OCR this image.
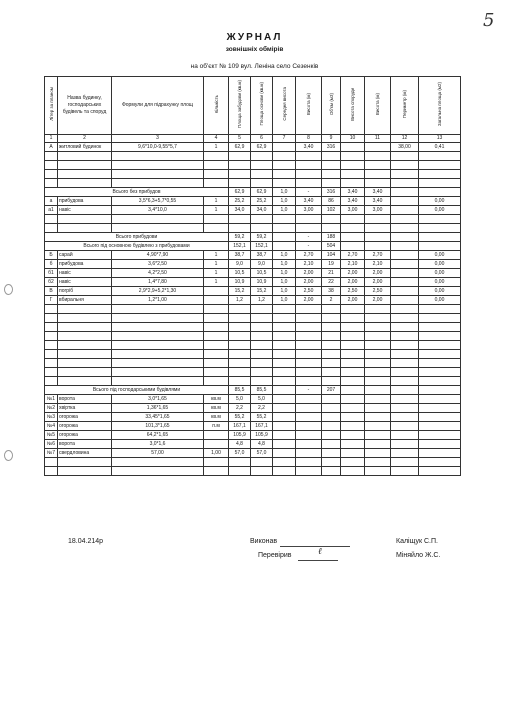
5
ЖУРНАЛ
зовнішніх обмірів
на об'єкт № 109 вул. Леніна село Сезенків
Літер за планом	Назва будинку, господарських будівель та споруд	Формули для підрахунку площ	Кількість	Площа забудови (кв.м)	Площа основи (кв.м)	Середня висота	Висота (м)	Об'єм (м3)	Висота споруди	Висота (м)	Периметр (м)	Загальна площа (м2)
1	2	3	4	5	6	7	8	9	10	11	12	13
А	житловий будинок	9,6*10,0-9,55*5,7	1	62,9	62,9		3,40	316			38,00	0,41

Всього без прибудов				62,9	62,9	1,0	-	316	3,40	3,40		
а	прибудова	3,5*6,3+5,7*0,55	1	25,2	25,2	1,0	3,40	86	3,40	3,40		0,00
а1	навіс	3,4*10,0	1	34,0	34,0	1,0	3,00	102	3,00	3,00		0,00

Всього прибудови				59,2	59,2		-	188				
Всього під основною будівлею з прибудовами				152,1	152,1		-	504				
Б	сарай	4,90*7,90	1	38,7	38,7	1,0	2,70	104	2,70	2,70		0,00
б	прибудова	3,6*2,50	1	9,0	9,0	1,0	2,10	19	2,10	2,10		0,00
б1	навіс	4,2*2,50	1	10,5	10,5	1,0	2,00	21	2,00	2,00		0,00
б2	навіс	1,4*7,80	1	10,9	10,9	1,0	2,00	22	2,00	2,00		0,00
В	погріб	2,9*2,9+5,2*1,30		15,2	15,2	1,0	2,50	38	2,50	2,50		0,00
Г	вбиральня	1,2*1,00		1,2	1,2	1,0	2,00	2	2,00	2,00		0,00

Всього під господарськими будівлями				85,5	85,5		-	207				
№1	ворота	3,0*1,65	кв.м	5,0	5,0							
№2	хвіртка	1,36*1,65	кв.м	2,2	2,2							
№3	огорожа	33,45*1,65	кв.м	55,2	55,2							
№4	огорожа	101,3*1,65	п.м	167,1	167,1							
№5	огорожа	64,2*1,65		105,9	105,9							
№6	ворота	3,0*1,6		4,8	4,8							
№7	свердловина	57,00	1,00	57,0	57,0							

18.04.214р	Виконав	Каліщук С.П.
Перевірив	ℓ	Міняйло Ж.С.
